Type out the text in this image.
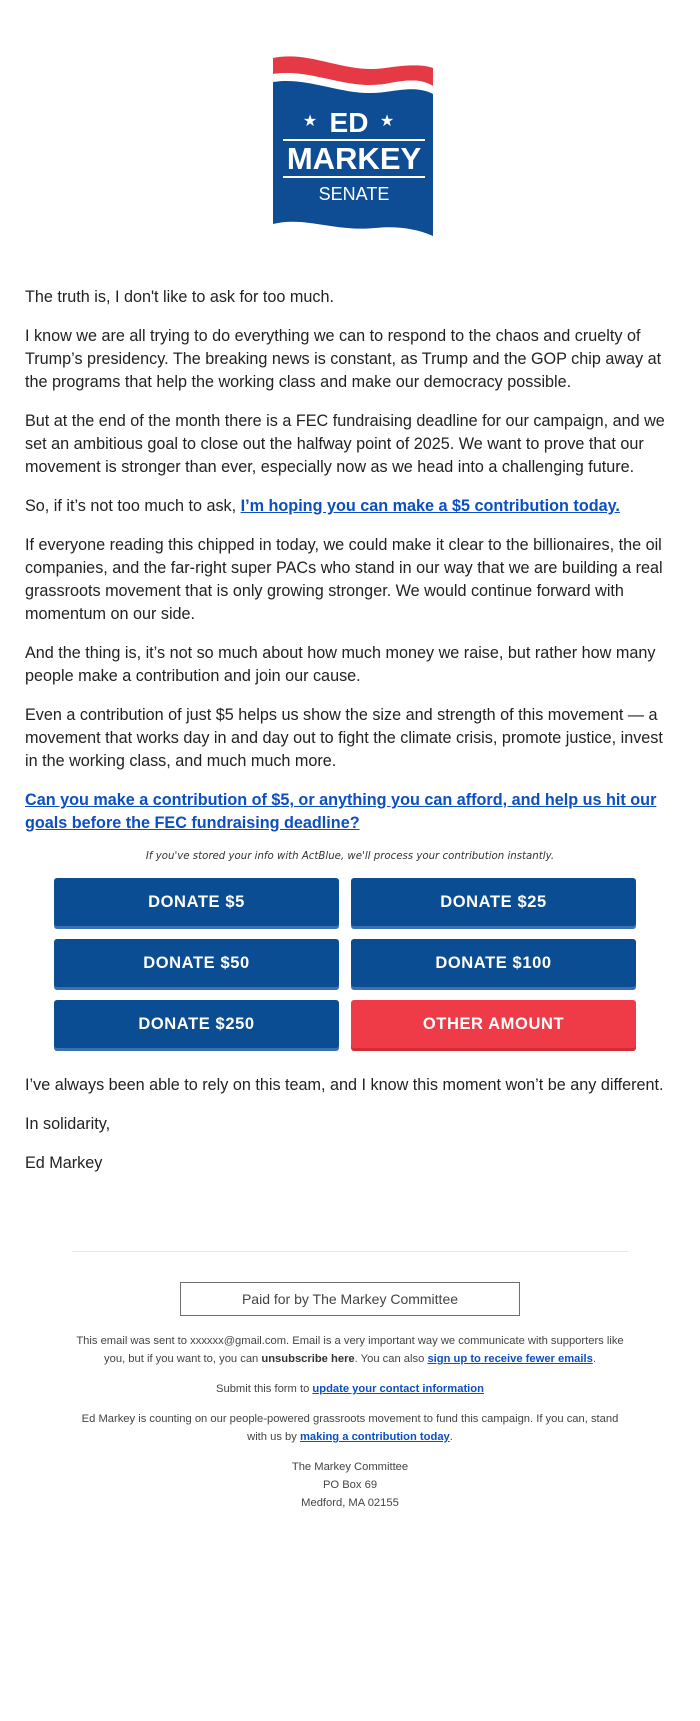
★	★
ED
MARKEY
SENATE

The truth is, I don't like to ask for too much.

I know we are all trying to do everything we can to respond to the chaos and cruelty of Trump’s presidency. The breaking news is constant, as Trump and the GOP chip away at the programs that help the working class and make our democracy possible.

But at the end of the month there is a FEC fundraising deadline for our campaign, and we set an ambitious goal to close out the halfway point of 2025. We want to prove that our movement is stronger than ever, especially now as we head into a challenging future.

So, if it’s not too much to ask, I’m hoping you can make a $5 contribution today.

If everyone reading this chipped in today, we could make it clear to the billionaires, the oil companies, and the far-right super PACs who stand in our way that we are building a real grassroots movement that is only growing stronger. We would continue forward with momentum on our side.

And the thing is, it’s not so much about how much money we raise, but rather how many people make a contribution and join our cause.

Even a contribution of just $5 helps us show the size and strength of this movement — a movement that works day in and day out to fight the climate crisis, promote justice, invest in the working class, and much much more.

Can you make a contribution of $5, or anything you can afford, and help us hit our goals before the FEC fundraising deadline?

If you've stored your info with ActBlue, we'll process your contribution instantly.

DONATE $5	DONATE $25
DONATE $50	DONATE $100
DONATE $250	OTHER AMOUNT

I’ve always been able to rely on this team, and I know this moment won’t be any different.

In solidarity,

Ed Markey

Paid for by The Markey Committee

This email was sent to xxxxxx@gmail.com. Email is a very important way we communicate with supporters like you, but if you want to, you can unsubscribe here. You can also sign up to receive fewer emails.

Submit this form to update your contact information

Ed Markey is counting on our people-powered grassroots movement to fund this campaign. If you can, stand with us by making a contribution today.

The Markey Committee
PO Box 69
Medford, MA 02155
